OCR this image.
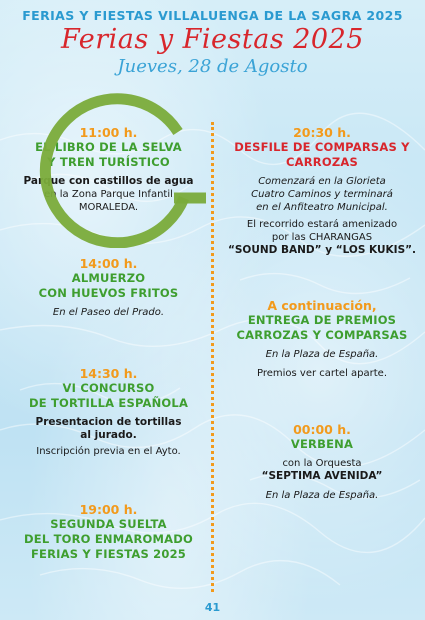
FERIAS Y FIESTAS VILLALUENGA DE LA SAGRA 2025
Ferias y Fiestas 2025
Jueves, 28 de Agosto
11:00 h.
EL LIBRO DE LA SELVA
Y TREN TURÍSTICO
Parque con castillos de agua
en la Zona Parque Infantil
MORALEDA.
14:00 h.
ALMUERZO
CON HUEVOS FRITOS
En el Paseo del Prado.
14:30 h.
VI CONCURSO
DE TORTILLA ESPAÑOLA
Presentacion de tortillas
al jurado.
Inscripción previa en el Ayto.
19:00 h.
SEGUNDA SUELTA
DEL TORO ENMAROMADO
FERIAS Y FIESTAS 2025
20:30 h.
DESFILE DE COMPARSAS Y
CARROZAS
Comenzará en la Glorieta
Cuatro Caminos y terminará
en el Anfiteatro Municipal.
El recorrido estará amenizado
por las CHARANGAS
“SOUND BAND” y “LOS KUKIS”.
A continuación,
ENTREGA DE PREMIOS
CARROZAS Y COMPARSAS
En la Plaza de España.
Premios ver cartel aparte.
00:00 h.
VERBENA
con la Orquesta
“SEPTIMA AVENIDA”
En la Plaza de España.
41
